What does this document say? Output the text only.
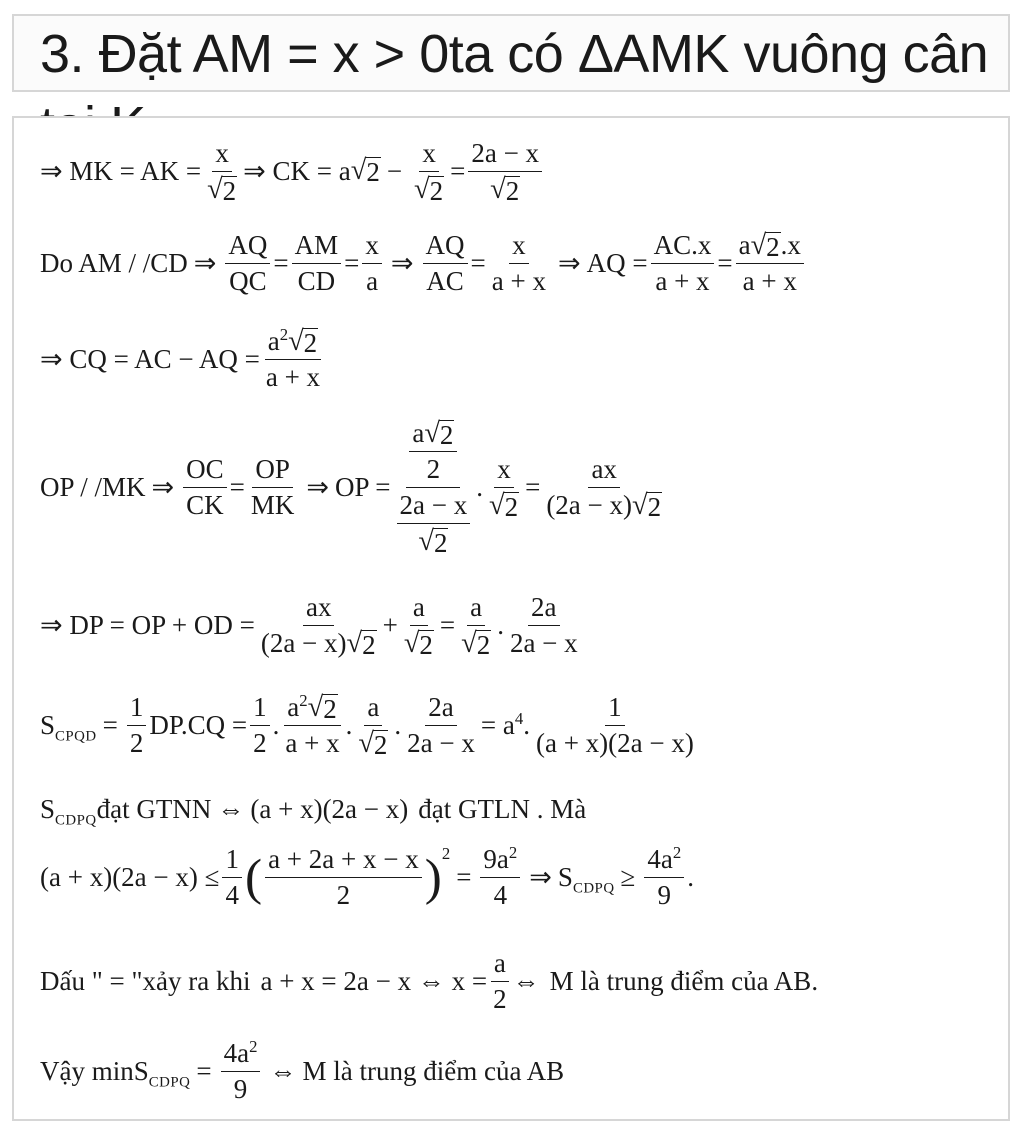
3. Đặt AM = x > 0ta có ΔAMK vuông cân
⇒ MK = AK = $\frac{x}{√ 2}$ ⇒ CK = a √ $2 - \frac{x}{√ 2} = \frac{2a - x}{√ 2}$
Do AM / /CD ⇒ $\frac{AQ}{QC} = \frac{AM}{CD} = \frac{x}{a}$ ⇒ $\frac{AQ}{AC} = \frac{x}{a + x}$ ⇒ AQ = $\frac{AC.x}{a + x} = \frac{a √ 2 .x}{a + x}$
⇒ CQ = AC − AQ = $\frac{a^2 √ 2}{a + x}$
OP / /MK ⇒ $\frac{OC}{CK} = \frac{OP}{MK}$ ⇒ OP = $\frac{\frac{a √ 2}{2}}{\frac{2a - x}{√ 2}}$ . $\frac{x}{√ 2} = \frac{ax}{(2a - x) √ 2}$
⇒ DP = OP + OD = $\frac{ax}{(2a - x) √ 2} + \frac{a}{√ 2} = \frac{a}{√ 2}$ . $\frac{2a}{2a - x}$
$S_{CPQD} = \frac{1}{2} DP.CQ = \frac{1}{2}$ . $\frac{a^2 √ 2}{a + x}$ . $\frac{a}{√ 2}$ . $\frac{2a}{2a - x} = a^4$. $\frac{1}{(a + x)(2a - x)}$
$S_{CDPQ}$ đạt GTNN ⇔ (a + x)(2a − x) đạt GTLN . Mà
$(a + x)(2a - x) \le \frac{1}{4}$ ( $\frac{a + 2a + x - x}{2}$ ) 2
= $\frac{9a^2}{4}$ ⇒ $S_{CDPQ} \ge \frac{4a^2}{9}$ .
Dấu " = "xảy ra khi a + x = 2a − x ⇔ $x = \frac{a}{2}$ ⇔ M là trung điểm của AB.
Vậy $\min S_{CDPQ} = \frac{4a^2}{9}$ ⇔ M là trung điểm của AB
